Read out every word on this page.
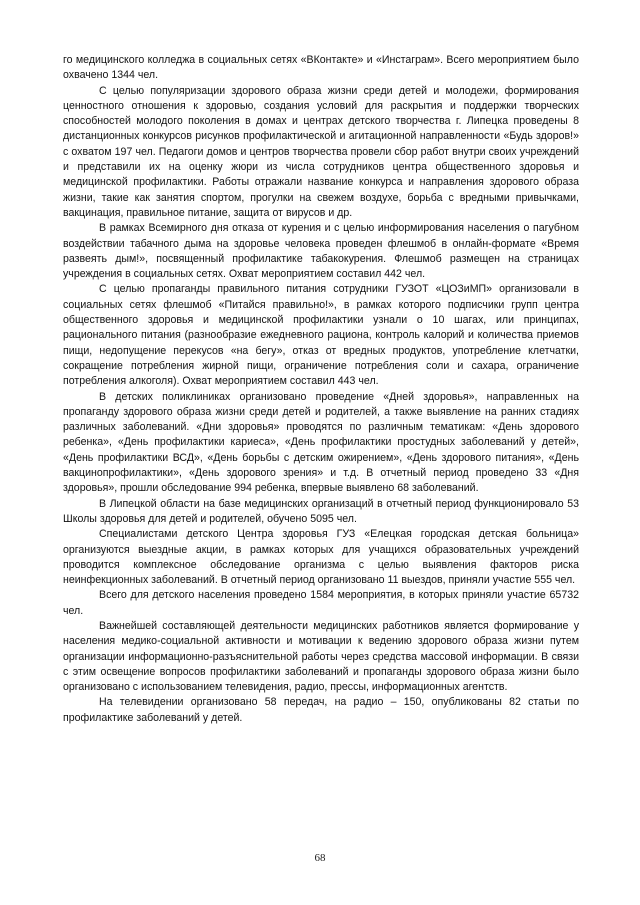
го медицинского колледжа в социальных сетях «ВКонтакте» и «Инстаграм». Всего мероприятием было охвачено 1344 чел.

С целью популяризации здорового образа жизни среди детей и молодежи, формирования ценностного отношения к здоровью, создания условий для раскрытия и поддержки творческих способностей молодого поколения в домах и центрах детского творчества г. Липецка проведены 8 дистанционных конкурсов рисунков профилактической и агитационной направленности «Будь здоров!» с охватом 197 чел. Педагоги домов и центров творчества провели сбор работ внутри своих учреждений и представили их на оценку жюри из числа сотрудников центра общественного здоровья и медицинской профилактики. Работы отражали название конкурса и направления здорового образа жизни, такие как занятия спортом, прогулки на свежем воздухе, борьба с вредными привычками, вакцинация, правильное питание, защита от вирусов и др.

В рамках Всемирного дня отказа от курения и с целью информирования населения о пагубном воздействии табачного дыма на здоровье человека проведен флешмоб в онлайн-формате «Время развеять дым!», посвященный профилактике табакокурения. Флешмоб размещен на страницах учреждения в социальных сетях. Охват мероприятием составил 442 чел.

С целью пропаганды правильного питания сотрудники ГУЗОТ «ЦОЗиМП» организовали в социальных сетях флешмоб «Питайся правильно!», в рамках которого подписчики групп центра общественного здоровья и медицинской профилактики узнали о 10 шагах, или принципах, рационального питания (разнообразие ежедневного рациона, контроль калорий и количества приемов пищи, недопущение перекусов «на бегу», отказ от вредных продуктов, употребление клетчатки, сокращение потребления жирной пищи, ограничение потребления соли и сахара, ограничение потребления алкоголя). Охват мероприятием составил 443 чел.

В детских поликлиниках организовано проведение «Дней здоровья», направленных на пропаганду здорового образа жизни среди детей и родителей, а также выявление на ранних стадиях различных заболеваний. «Дни здоровья» проводятся по различным тематикам: «День здорового ребенка», «День профилактики кариеса», «День профилактики простудных заболеваний у детей», «День профилактики ВСД», «День борьбы с детским ожирением», «День здорового питания», «День вакцинопрофилактики», «День здорового зрения» и т.д. В отчетный период проведено 33 «Дня здоровья», прошли обследование 994 ребенка, впервые выявлено 68 заболеваний.

В Липецкой области на базе медицинских организаций в отчетный период функционировало 53 Школы здоровья для детей и родителей, обучено 5095 чел.

Специалистами детского Центра здоровья ГУЗ «Елецкая городская детская больница» организуются выездные акции, в рамках которых для учащихся образовательных учреждений проводится комплексное обследование организма с целью выявления факторов риска неинфекционных заболеваний. В отчетный период организовано 11 выездов, приняли участие 555 чел.

Всего для детского населения проведено 1584 мероприятия, в которых приняли участие 65732 чел.

Важнейшей составляющей деятельности медицинских работников является формирование у населения медико-социальной активности и мотивации к ведению здорового образа жизни путем организации информационно-разъяснительной работы через средства массовой информации. В связи с этим освещение вопросов профилактики заболеваний и пропаганды здорового образа жизни было организовано с использованием телевидения, радио, прессы, информационных агентств.

На телевидении организовано 58 передач, на радио – 150, опубликованы 82 статьи по профилактике заболеваний у детей.

68
